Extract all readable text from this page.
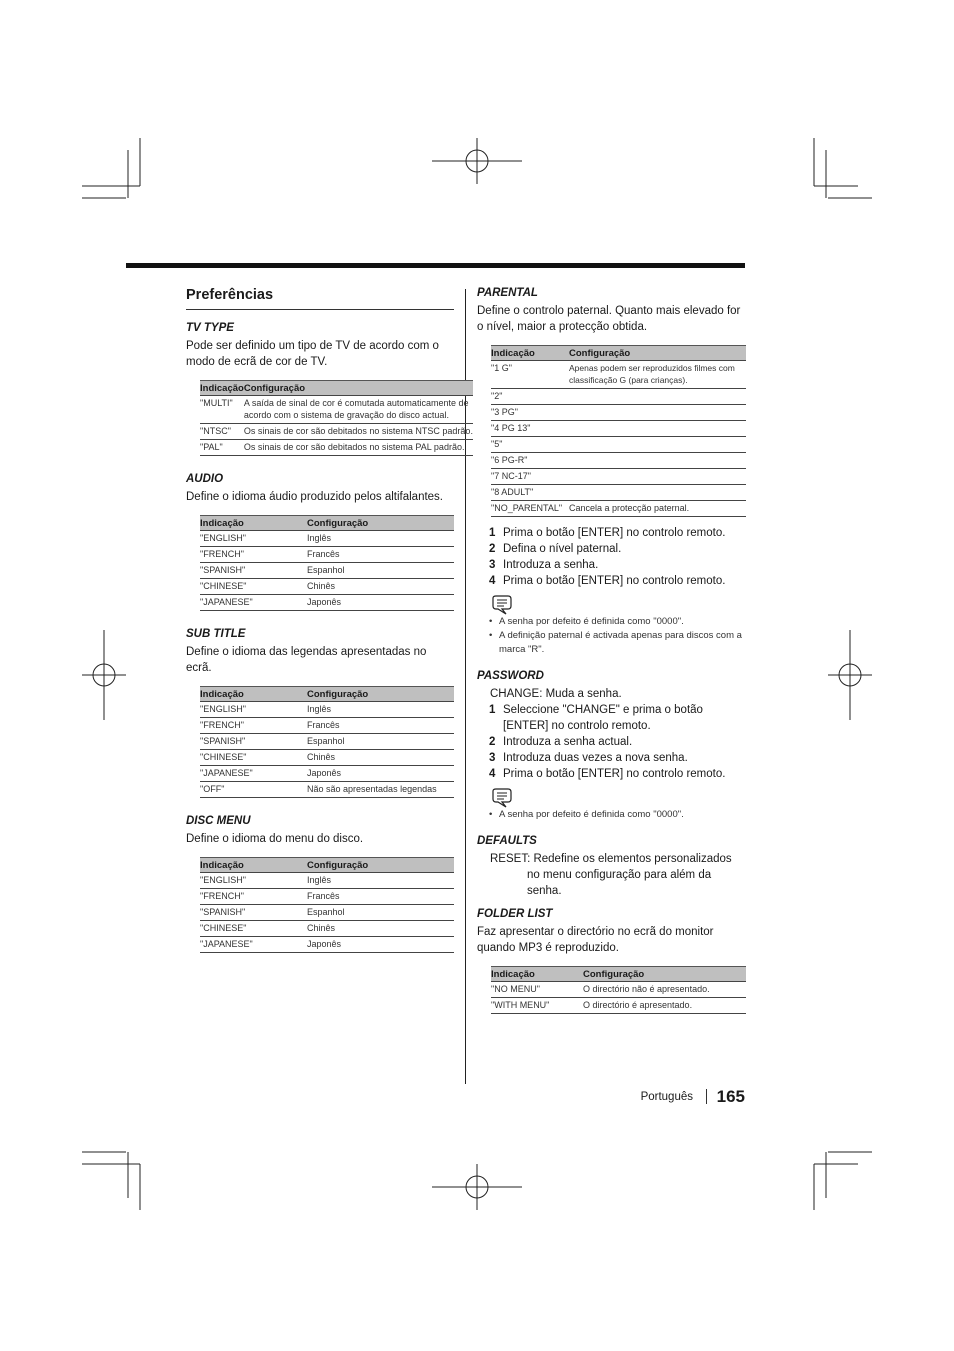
Preferências
TV TYPE

Pode ser definido um tipo de TV de acordo com o modo de ecrã de cor de TV.

Indicação	Configuração
"MULTI"	A saída de sinal de cor é comutada automaticamente de acordo com o sistema de gravação do disco actual.
"NTSC"	Os sinais de cor são debitados no sistema NTSC padrão.
"PAL"	Os sinais de cor são debitados no sistema PAL padrão.
AUDIO

Define o idioma áudio produzido pelos altifalantes.

Indicação	Configuração
"ENGLISH"	Inglês
"FRENCH"	Francês
"SPANISH"	Espanhol
"CHINESE"	Chinês
"JAPANESE"	Japonês
SUB TITLE

Define o idioma das legendas apresentadas no ecrã.

Indicação	Configuração
"ENGLISH"	Inglês
"FRENCH"	Francês
"SPANISH"	Espanhol
"CHINESE"	Chinês
"JAPANESE"	Japonês
"OFF"	Não são apresentadas legendas
DISC MENU

Define o idioma do menu do disco.

Indicação	Configuração
"ENGLISH"	Inglês
"FRENCH"	Francês
"SPANISH"	Espanhol
"CHINESE"	Chinês
"JAPANESE"	Japonês
PARENTAL

Define o controlo paternal. Quanto mais elevado for o nível, maior a protecção obtida.

Indicação	Configuração
"1 G"	Apenas podem ser reproduzidos filmes com classificação G (para crianças).
"2"	
"3 PG"	
"4 PG 13"	
"5"	
"6 PG-R"	
"7 NC-17"	
"8 ADULT"	
"NO_PARENTAL"	Cancela a protecção paternal.
1 Prima o botão [ENTER] no controlo remoto.
2 Defina o nível paternal.
3 Introduza a senha.
4 Prima o botão [ENTER] no controlo remoto.
• A senha por defeito é definida como "0000".
• A definição paternal é activada apenas para discos com a marca "R".
PASSWORD

CHANGE: Muda a senha.

1 Seleccione "CHANGE" e prima o botão [ENTER] no controlo remoto.
2 Introduza a senha actual.
3 Introduza duas vezes a nova senha.
4 Prima o botão [ENTER] no controlo remoto.
• A senha por defeito é definida como "0000".
DEFAULTS

RESET: Redefine os elementos personalizados no menu configuração para além da senha.

FOLDER LIST

Faz apresentar o directório no ecrã do monitor quando MP3 é reproduzido.

Indicação	Configuração
"NO MENU"	O directório não é apresentado.
"WITH MENU"	O directório é apresentado.
Português 165
